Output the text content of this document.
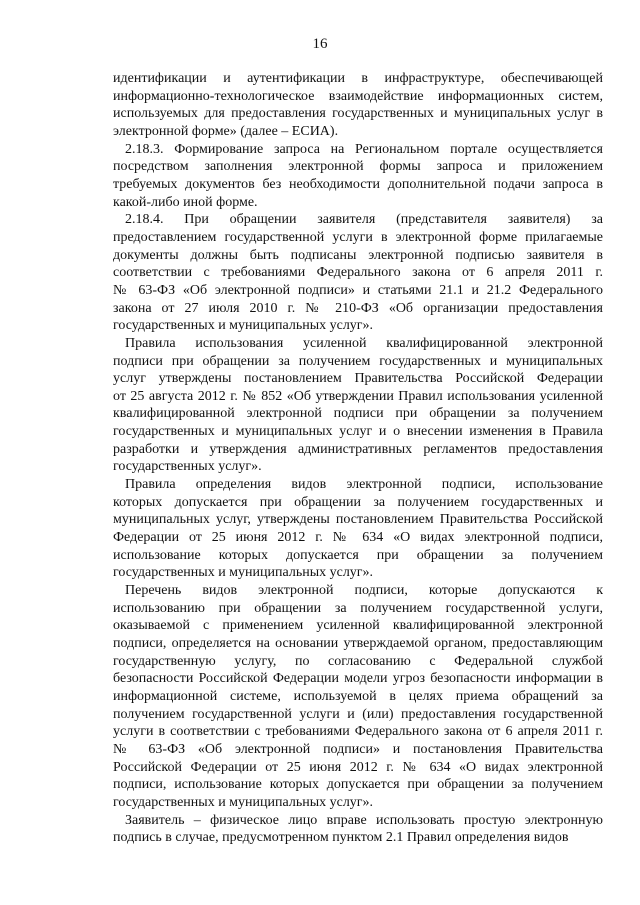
16
идентификации и аутентификации в инфраструктуре, обеспечивающей
информационно-технологическое взаимодействие информационных систем,
используемых для предоставления государственных и муниципальных услуг в
электронной форме» (далее – ЕСИА).
2.18.3. Формирование запроса на Региональном портале осуществляется
посредством заполнения электронной формы запроса и приложением
требуемых документов без необходимости дополнительной подачи запроса в
какой-либо иной форме.
2.18.4. При обращении заявителя (представителя заявителя) за
предоставлением государственной услуги в электронной форме прилагаемые
документы должны быть подписаны электронной подписью заявителя в
соответствии с требованиями Федерального закона от 6 апреля 2011 г.
№ 63-ФЗ «Об электронной подписи» и статьями 21.1 и 21.2 Федерального
закона от 27 июля 2010 г. № 210-ФЗ «Об организации предоставления
государственных и муниципальных услуг».
Правила использования усиленной квалифицированной электронной
подписи при обращении за получением государственных и муниципальных
услуг утверждены постановлением Правительства Российской Федерации
от 25 августа 2012 г. № 852 «Об утверждении Правил использования усиленной
квалифицированной электронной подписи при обращении за получением
государственных и муниципальных услуг и о внесении изменения в Правила
разработки и утверждения административных регламентов предоставления
государственных услуг».
Правила определения видов электронной подписи, использование
которых допускается при обращении за получением государственных и
муниципальных услуг, утверждены постановлением Правительства Российской
Федерации от 25 июня 2012 г. № 634 «О видах электронной подписи,
использование которых допускается при обращении за получением
государственных и муниципальных услуг».
Перечень видов электронной подписи, которые допускаются к
использованию при обращении за получением государственной услуги,
оказываемой с применением усиленной квалифицированной электронной
подписи, определяется на основании утверждаемой органом, предоставляющим
государственную услугу, по согласованию с Федеральной службой
безопасности Российской Федерации модели угроз безопасности информации в
информационной системе, используемой в целях приема обращений за
получением государственной услуги и (или) предоставления государственной
услуги в соответствии с требованиями Федерального закона от 6 апреля 2011 г.
№ 63-ФЗ «Об электронной подписи» и постановления Правительства
Российской Федерации от 25 июня 2012 г. № 634 «О видах электронной
подписи, использование которых допускается при обращении за получением
государственных и муниципальных услуг».
Заявитель – физическое лицо вправе использовать простую электронную
подпись в случае, предусмотренном пунктом 2.1 Правил определения видов
